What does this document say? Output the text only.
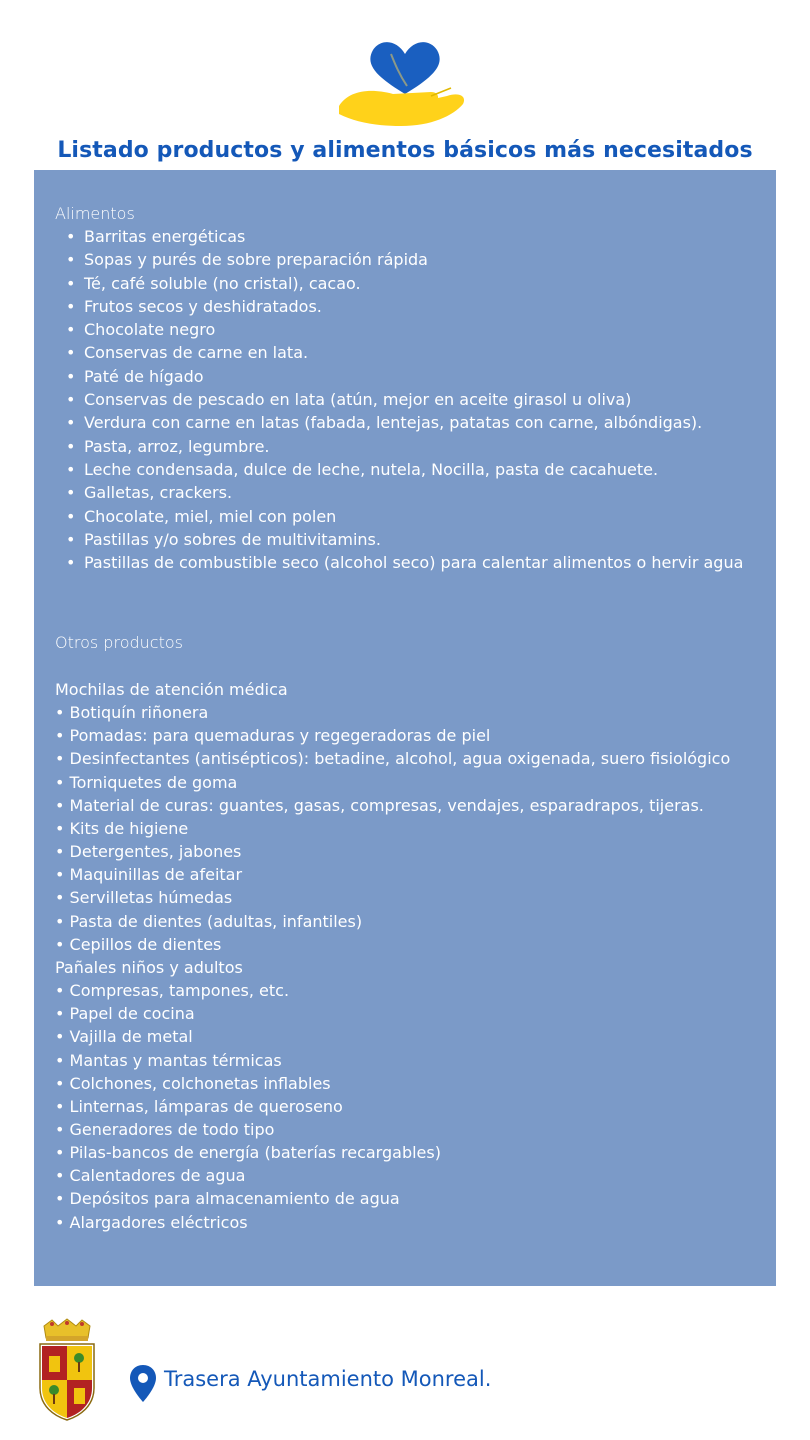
Listado productos y alimentos básicos más necesitados
Alimentos
• Barritas energéticas
• Sopas y purés de sobre preparación rápida
• Té, café soluble (no cristal), cacao.
• Frutos secos y deshidratados.
• Chocolate negro
• Conservas de carne en lata.
• Paté de hígado
• Conservas de pescado en lata (atún, mejor en aceite girasol u oliva)
• Verdura con carne en latas (fabada, lentejas, patatas con carne, albóndigas).
• Pasta, arroz, legumbre.
• Leche condensada, dulce de leche, nutela, Nocilla, pasta de cacahuete.
• Galletas, crackers.
• Chocolate, miel, miel con polen
• Pastillas y/o sobres de multivitamins.
• Pastillas de combustible seco (alcohol seco) para calentar alimentos o hervir agua
Otros productos
Mochilas de atención médica
• Botiquín riñonera
• Pomadas: para quemaduras y regegeradoras de piel
• Desinfectantes (antisépticos): betadine, alcohol, agua oxigenada, suero fisiológico
• Torniquetes de goma
• Material de curas: guantes, gasas, compresas, vendajes, esparadrapos, tijeras.
• Kits de higiene
• Detergentes, jabones
• Maquinillas de afeitar
• Servilletas húmedas
• Pasta de dientes (adultas, infantiles)
• Cepillos de dientes
Pañales niños y adultos
• Compresas, tampones, etc.
• Papel de cocina
• Vajilla de metal
• Mantas y mantas térmicas
• Colchones, colchonetas inflables
• Linternas, lámparas de queroseno
• Generadores de todo tipo
• Pilas-bancos de energía (baterías recargables)
• Calentadores de agua
• Depósitos para almacenamiento de agua
• Alargadores eléctricos
Trasera Ayuntamiento Monreal.
